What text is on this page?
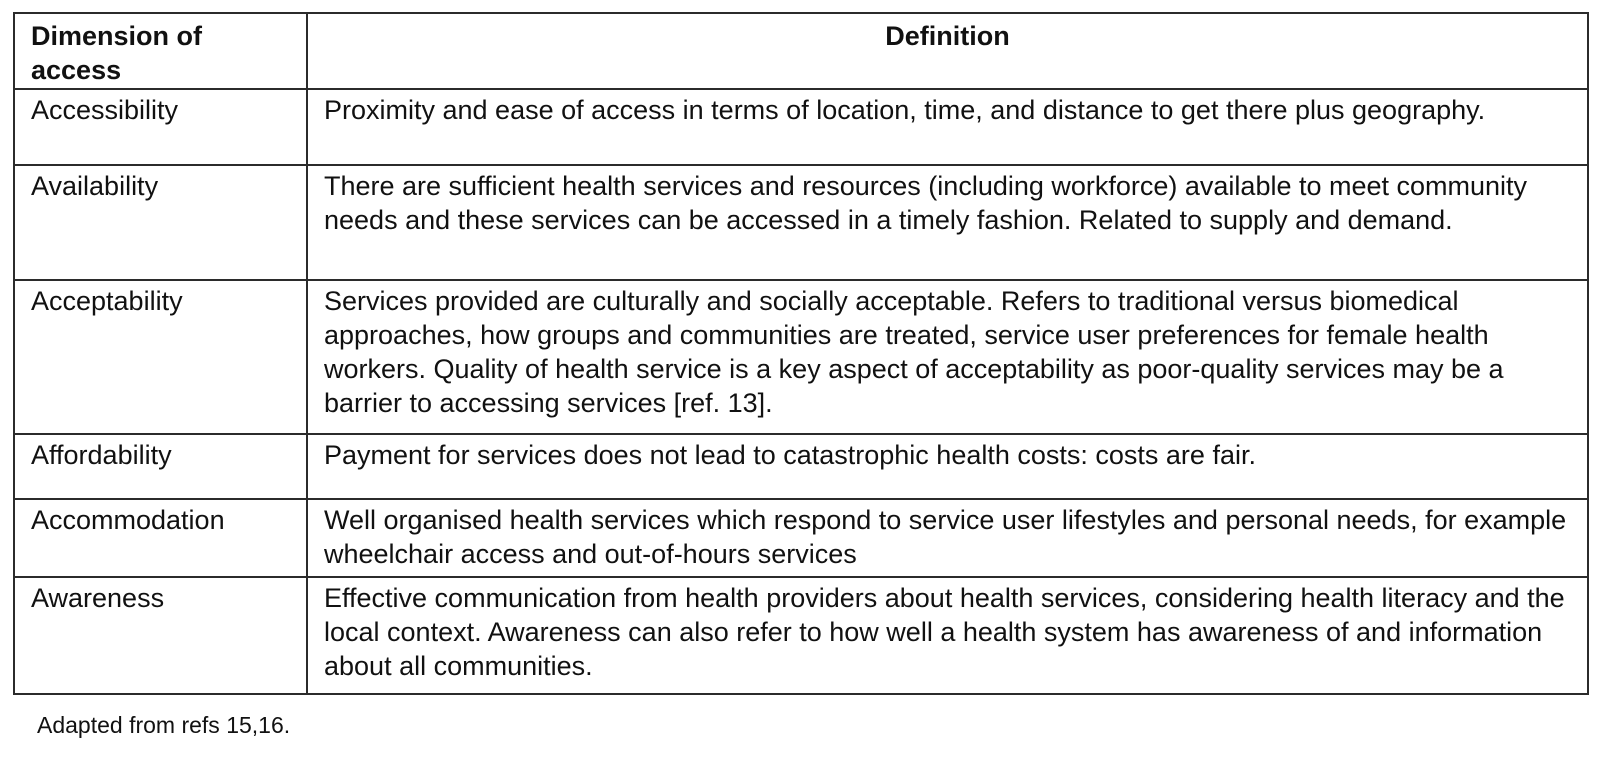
Dimension of access	Definition
Accessibility	Proximity and ease of access in terms of location, time, and distance to get there plus geography.
Availability	There are sufficient health services and resources (including workforce) available to meet community needs and these services can be accessed in a timely fashion. Related to supply and demand.
Acceptability	Services provided are culturally and socially acceptable. Refers to traditional versus biomedical approaches, how groups and communities are treated, service user preferences for female health workers. Quality of health service is a key aspect of acceptability as poor-quality services may be a barrier to accessing services [ref. 13].
Affordability	Payment for services does not lead to catastrophic health costs: costs are fair.
Accommodation	Well organised health services which respond to service user lifestyles and personal needs, for example wheelchair access and out-of-hours services
Awareness	Effective communication from health providers about health services, considering health literacy and the local context. Awareness can also refer to how well a health system has awareness of and information about all communities.
Adapted from refs 15,16.
